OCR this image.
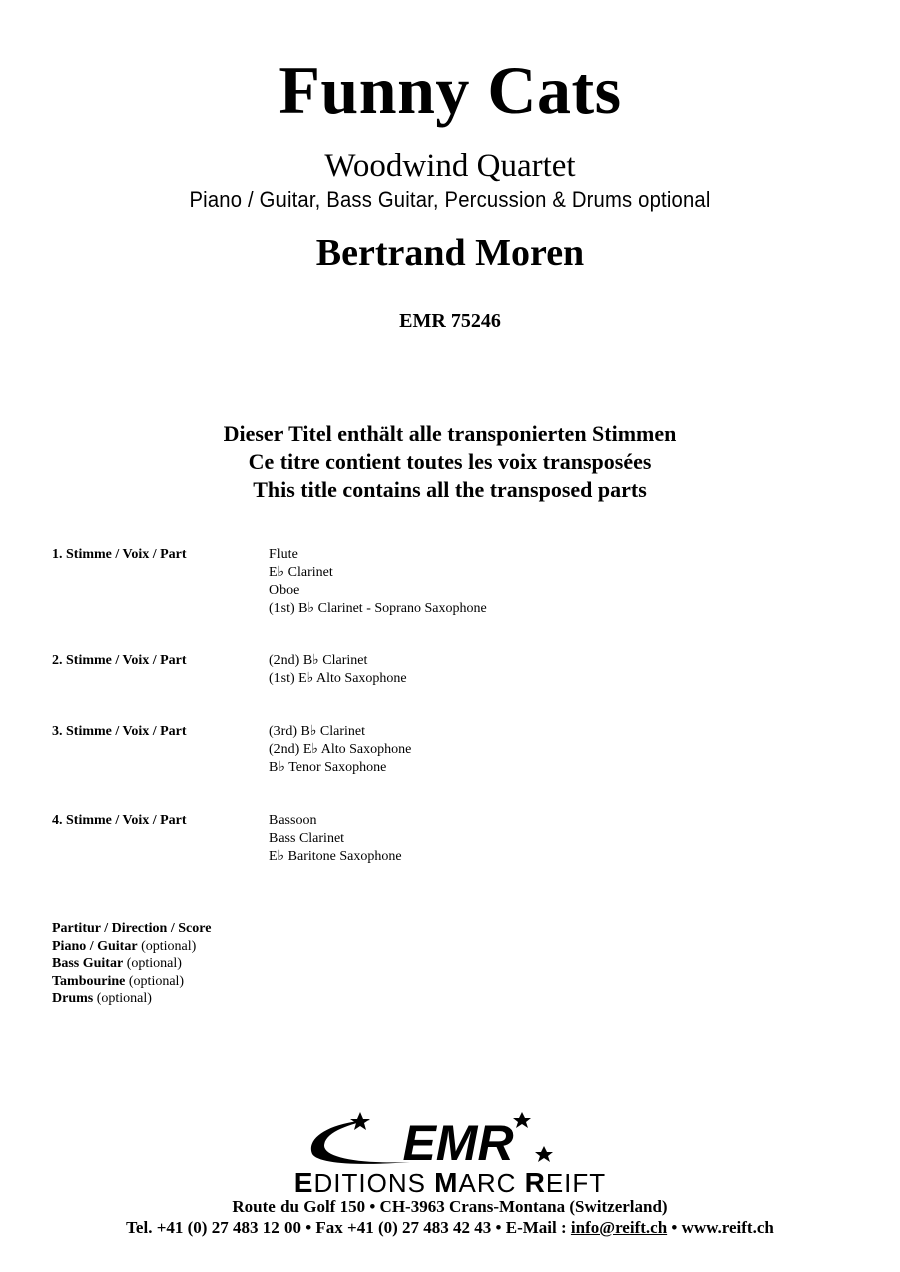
Funny Cats
Woodwind Quartet
Piano / Guitar, Bass Guitar, Percussion & Drums optional
Bertrand Moren
EMR 75246
Dieser Titel enthält alle transponierten Stimmen
Ce titre contient toutes les voix transposées
This title contains all the transposed parts
1. Stimme / Voix / Part	Flute
E♭ Clarinet
Oboe
(1st) B♭ Clarinet - Soprano Saxophone
2. Stimme / Voix / Part	(2nd) B♭ Clarinet
(1st) E♭ Alto Saxophone
3. Stimme / Voix / Part	(3rd) B♭ Clarinet
(2nd) E♭ Alto Saxophone
B♭ Tenor Saxophone
4. Stimme / Voix / Part	Bassoon
Bass Clarinet
E♭ Baritone Saxophone
Partitur / Direction / Score
Piano / Guitar (optional)
Bass Guitar (optional)
Tambourine (optional)
Drums (optional)
EMR
EDITIONS MARC REIFT
Route du Golf 150 • CH-3963 Crans-Montana (Switzerland)
Tel. +41 (0) 27 483 12 00 • Fax +41 (0) 27 483 42 43 • E-Mail : info@reift.ch • www.reift.ch
